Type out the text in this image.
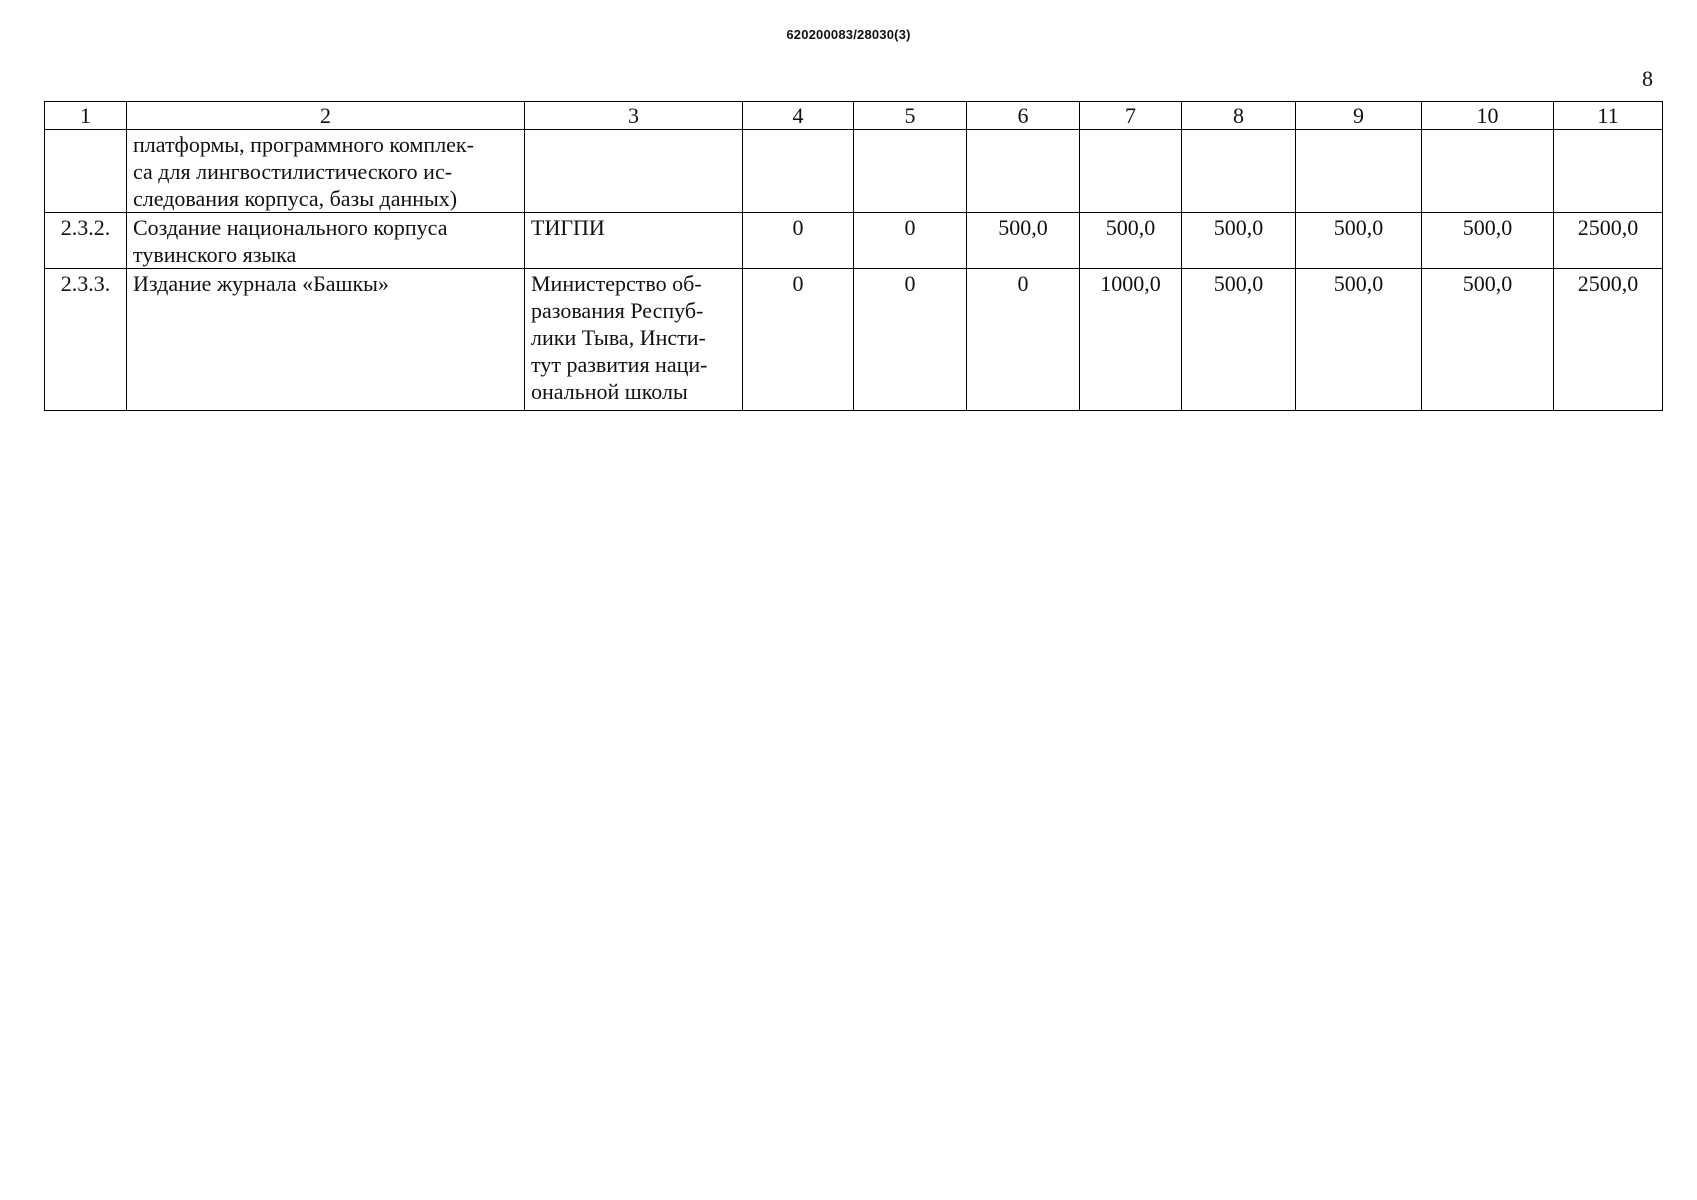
620200083/28030(3)
8
1	2	3	4	5	6	7	8	9	10	11

	платформы, программного комплек-
са для лингвостилистического ис-
следования корпуса, базы данных)									

2.3.2.	Создание национального корпуса
тувинского языка	ТИГПИ	0	0	500,0	500,0	500,0	500,0	500,0	2500,0
2.3.3.	Издание журнала «Башкы»	Министерство об-
разования Респуб-
лики Тыва, Инсти-
тут развития наци-
ональной школы	0	0	0	1000,0	500,0	500,0	500,0	2500,0
